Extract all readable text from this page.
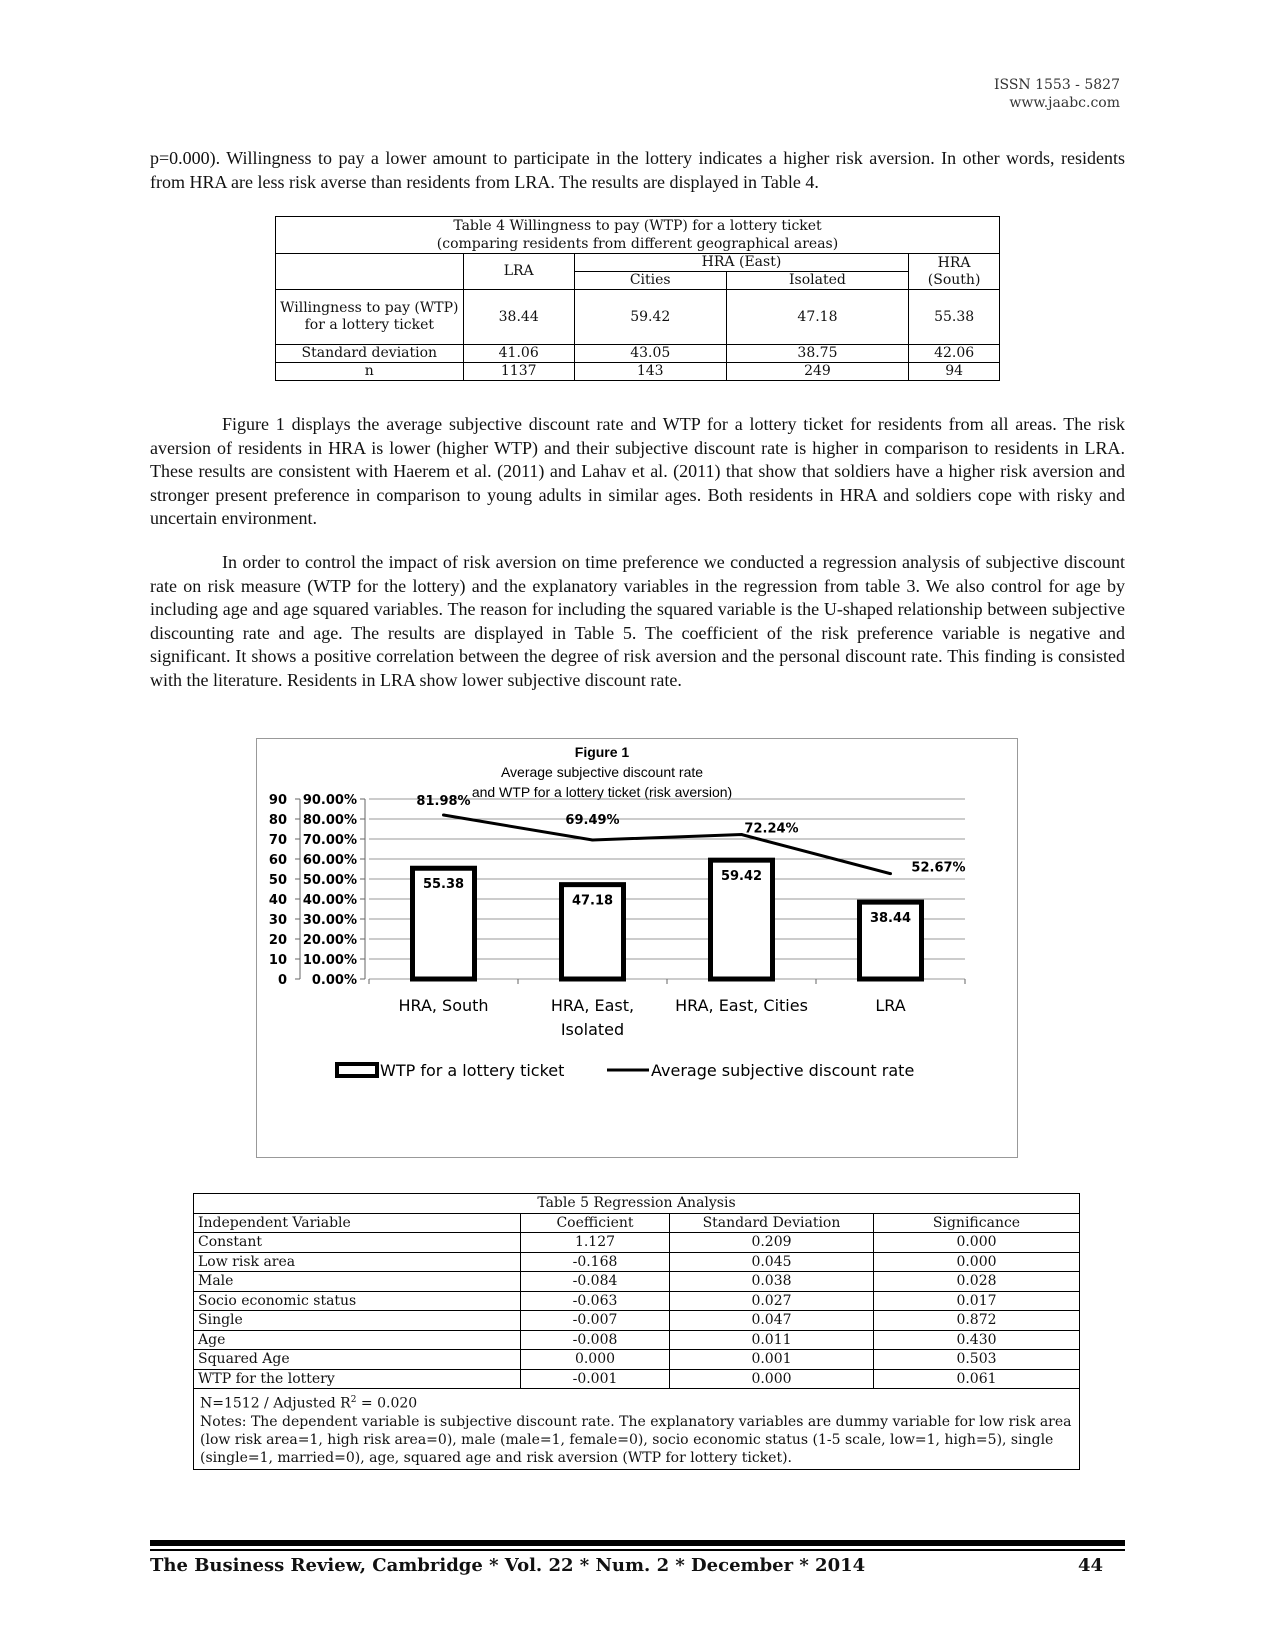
ISSN 1553 - 5827
www.jaabc.com

p=0.000). Willingness to pay a lower amount to participate in the lottery indicates a higher risk aversion. In other words, residents from HRA are less risk averse than residents from LRA. The results are displayed in Table 4.

Table 4 Willingness to pay (WTP) for a lottery ticket
(comparing residents from different geographical areas)				

	LRA	HRA (East)		HRA (South)
		Cities	Isolated	
Willingness to pay (WTP) for a lottery ticket	38.44	59.42	47.18	55.38
Standard deviation	41.06	43.05	38.75	42.06
n	1137	143	249	94

Figure 1 displays the average subjective discount rate and WTP for a lottery ticket for residents from all areas. The risk aversion of residents in HRA is lower (higher WTP) and their subjective discount rate is higher in comparison to residents in LRA. These results are consistent with Haerem et al. (2011) and Lahav et al. (2011) that show that soldiers have a higher risk aversion and stronger present preference in comparison to young adults in similar ages. Both residents in HRA and soldiers cope with risky and uncertain environment.

In order to control the impact of risk aversion on time preference we conducted a regression analysis of subjective discount rate on risk measure (WTP for the lottery) and the explanatory variables in the regression from table 3. We also control for age by including age and age squared variables. The reason for including the squared variable is the U-shaped relationship between subjective discounting rate and age. The results are displayed in Table 5. The coefficient of the risk preference variable is negative and significant. It shows a positive correlation between the degree of risk aversion and the personal discount rate. This finding is consisted with the literature. Residents in LRA show lower subjective discount rate.

Figure 1
Average subjective discount rate
and WTP for a lottery ticket (risk aversion)
0 0.00%
10 10.00%
20 20.00%
30 30.00%
40 40.00%
50 50.00%
60 60.00%
70 70.00%
80 80.00%
90 90.00%
55.38
47.18
59.42
38.44
81.98%
69.49%
72.24%
52.67%
HRA, South	HRA, East,
Isolated
HRA, East, Cities	LRA
WTP for a lottery ticket	Average subjective discount rate
Table 5 Regression Analysis			
Independent Variable	Coefficient	Standard Deviation	Significance
Constant	1.127	0.209	0.000
Low risk area	-0.168	0.045	0.000
Male	-0.084	0.038	0.028
Socio economic status	-0.063	0.027	0.017
Single	-0.007	0.047	0.872
Age	-0.008	0.011	0.430
Squared Age	0.000	0.001	0.503
WTP for the lottery	-0.001	0.000	0.061

N=1512 / Adjusted $R^2 = 0.020$
Notes: The dependent variable is subjective discount rate. The explanatory variables are dummy variable for low risk area (low risk area=1, high risk area=0), male (male=1, female=0), socio economic status (1-5 scale, low=1, high=5), single (single=1, married=0), age, squared age and risk aversion (WTP for lottery ticket).			
The Business Review, Cambridge * Vol. 22 * Num. 2 * December * 2014	44
